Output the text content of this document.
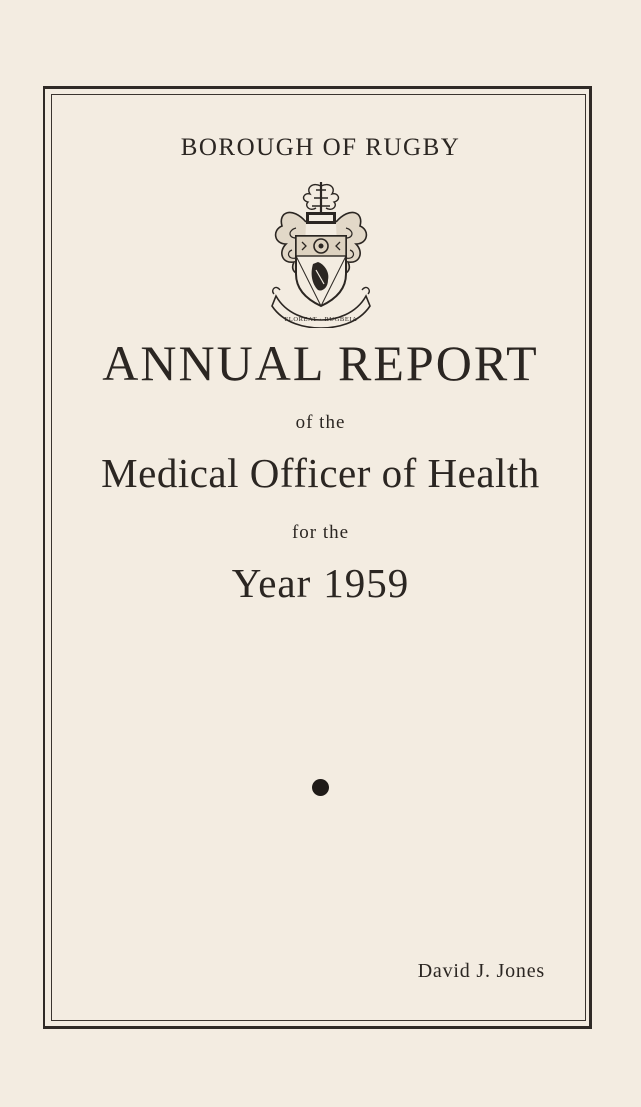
BOROUGH OF RUGBY
FLOREAT · RUGBEIA
ANNUAL REPORT
of the
Medical Officer of Health
for the
Year 1959
David J. Jones
